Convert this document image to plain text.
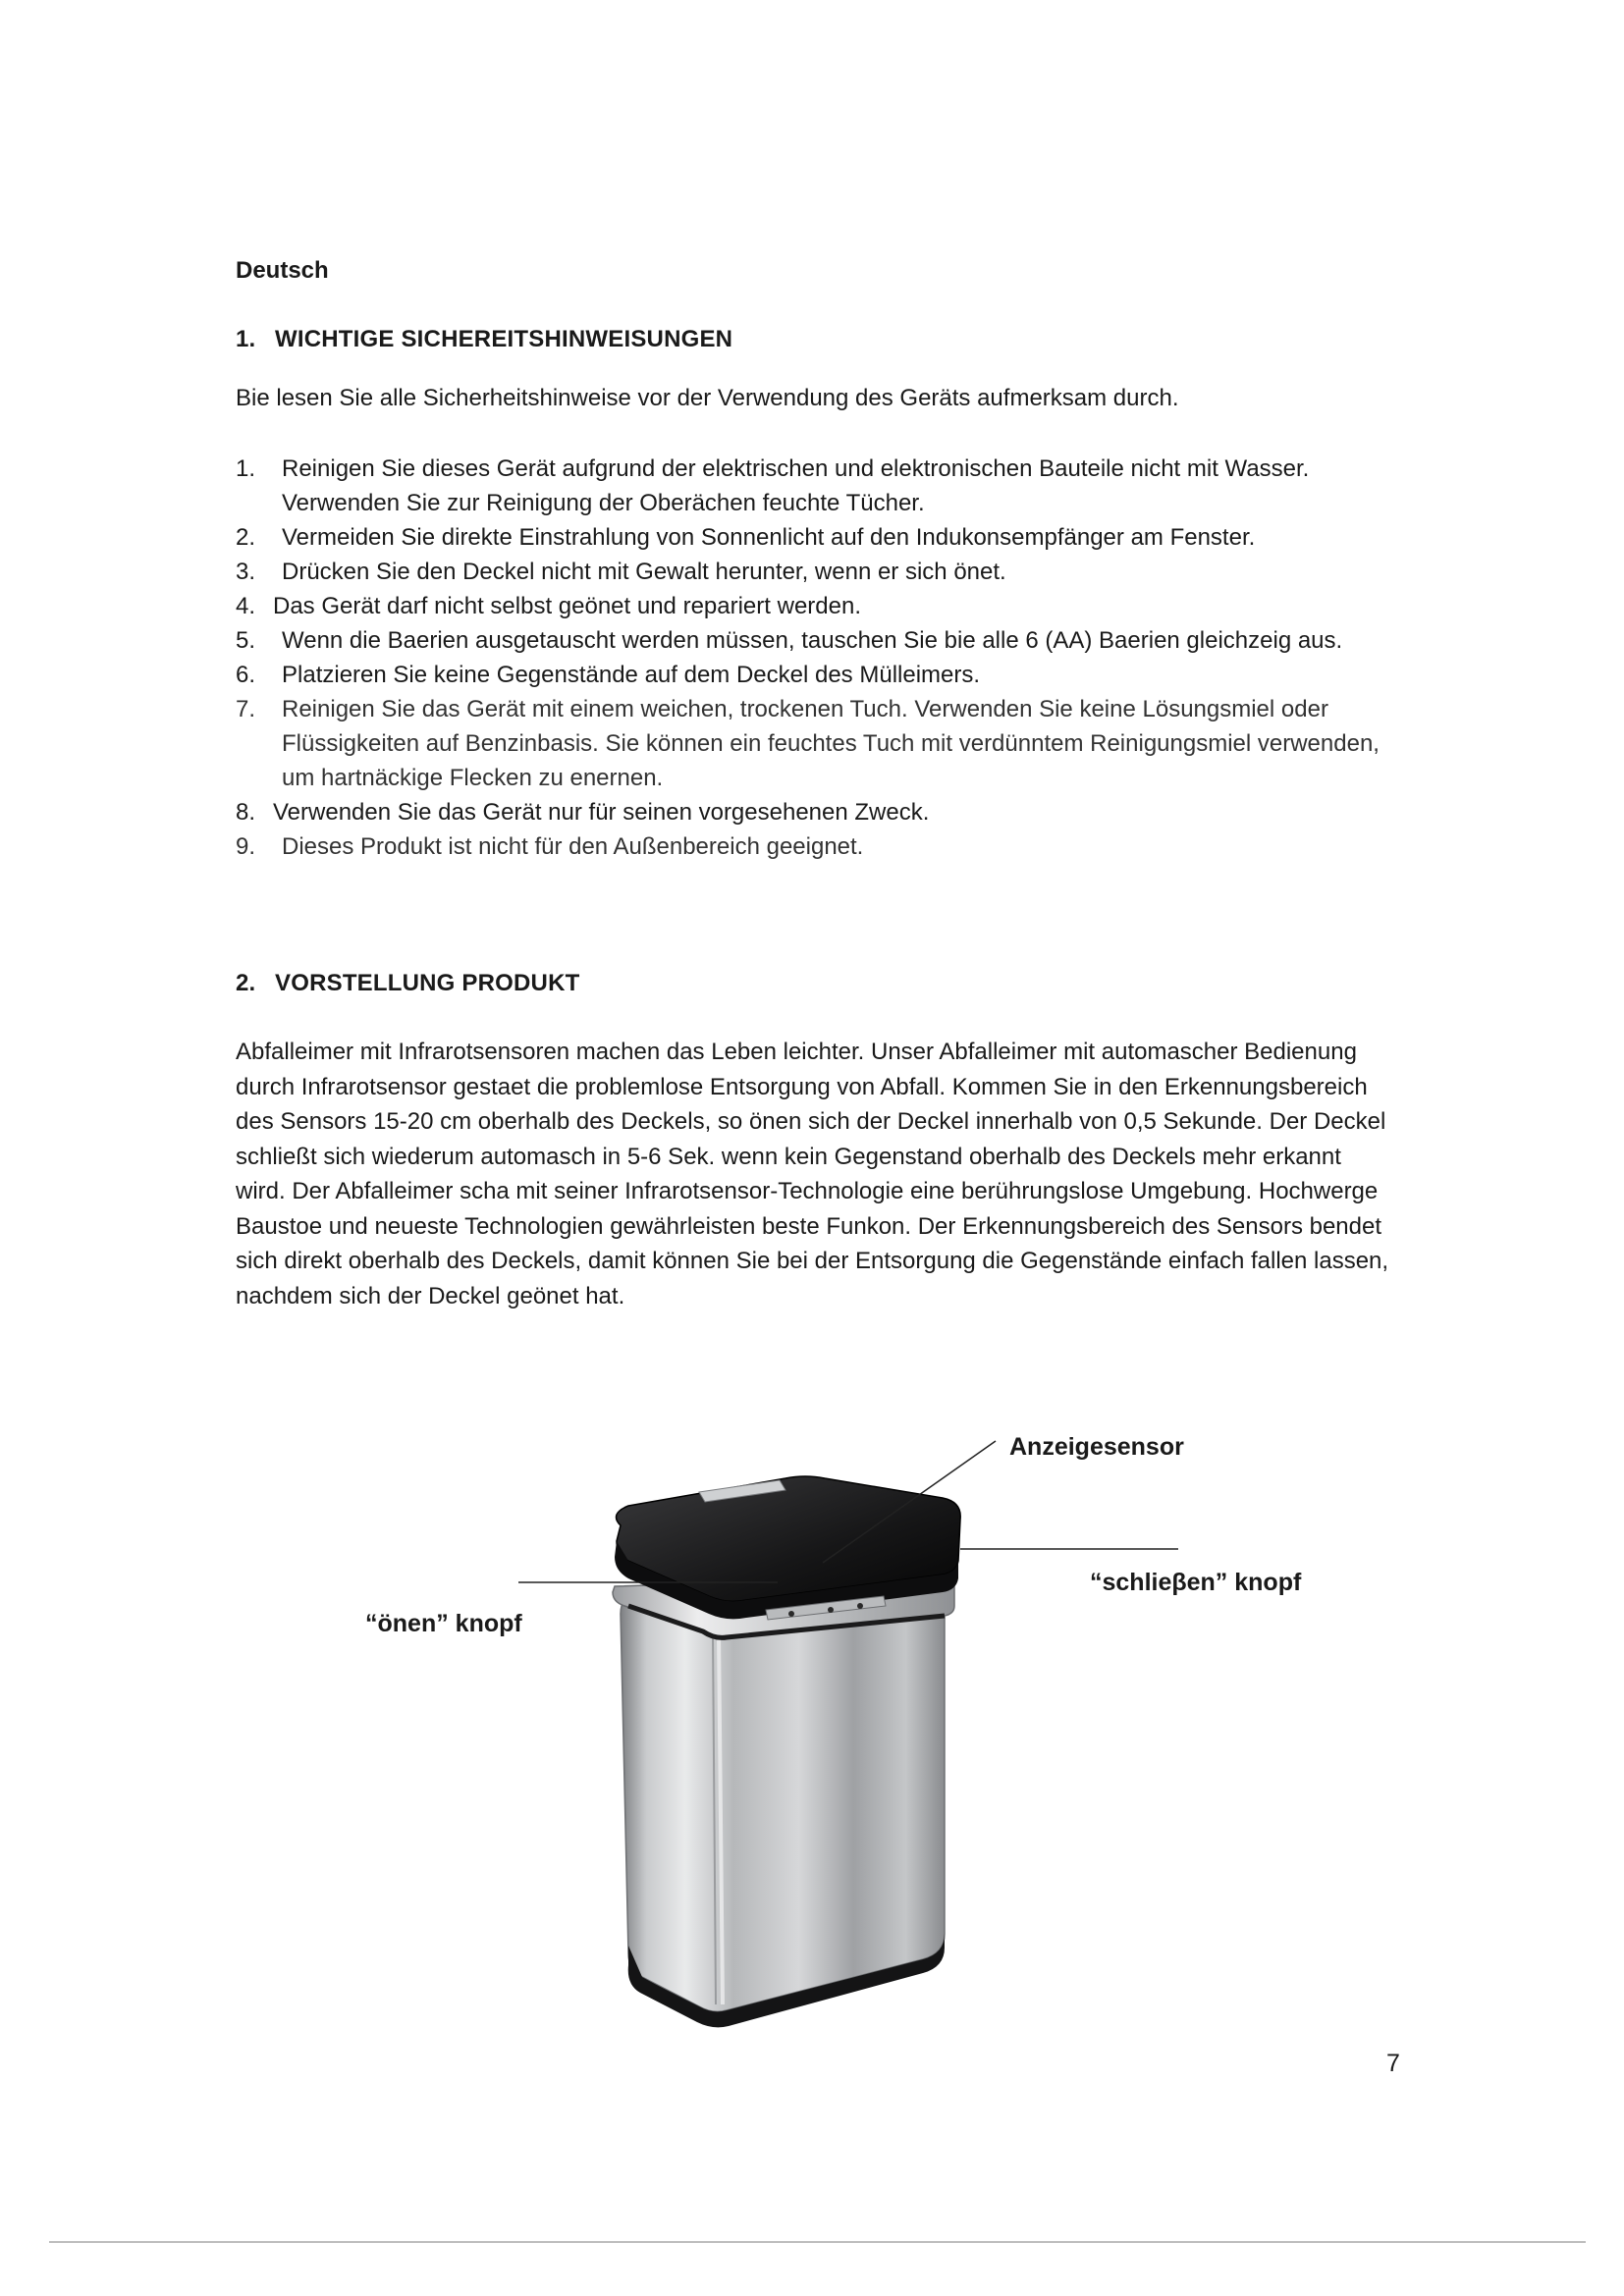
Deutsch
1. WICHTIGE SICHEREITSHINWEISUNGEN
Bie lesen Sie alle Sicherheitshinweise vor der Verwendung des Geräts aufmerksam durch.
1. Reinigen Sie dieses Gerät aufgrund der elektrischen und elektronischen Bauteile nicht mit Wasser. Verwenden Sie zur Reinigung der Oberächen feuchte Tücher.
2. Vermeiden Sie direkte Einstrahlung von Sonnenlicht auf den Indukonsempfänger am Fenster.
3. Drücken Sie den Deckel nicht mit Gewalt herunter, wenn er sich önet.
4. Das Gerät darf nicht selbst geönet und repariert werden.
5. Wenn die Baerien ausgetauscht werden müssen, tauschen Sie bie alle 6 (AA) Baerien gleichzeig aus.
6. Platzieren Sie keine Gegenstände auf dem Deckel des Mülleimers.
7. Reinigen Sie das Gerät mit einem weichen, trockenen Tuch. Verwenden Sie keine Lösungsmiel oder Flüssigkeiten auf Benzinbasis. Sie können ein feuchtes Tuch mit verdünntem Reinigungsmiel verwenden, um hartnäckige Flecken zu enernen.
8. Verwenden Sie das Gerät nur für seinen vorgesehenen Zweck.
9. Dieses Produkt ist nicht für den Außenbereich geeignet.
2. VORSTELLUNG PRODUKT
Abfalleimer mit Infrarotsensoren machen das Leben leichter. Unser Abfalleimer mit automascher Bedienung durch Infrarotsensor gestaet die problemlose Entsorgung von Abfall. Kommen Sie in den Erkennungsbereich des Sensors 15-20 cm oberhalb des Deckels, so önen sich der Deckel innerhalb von 0,5 Sekunde. Der Deckel schließt sich wiederum automasch in 5-6 Sek. wenn kein Gegenstand oberhalb des Deckels mehr erkannt wird. Der Abfalleimer scha mit seiner Infrarotsensor-Technologie eine berührungslose Umgebung. Hochwerge Baustoe und neueste Technologien gewährleisten beste Funkon. Der Erkennungsbereich des Sensors bendet sich direkt oberhalb des Deckels, damit können Sie bei der Entsorgung die Gegenstände einfach fallen lassen, nachdem sich der Deckel geönet hat.
Anzeigesensor
“schlieβen” knopf
“önen” knopf
7
